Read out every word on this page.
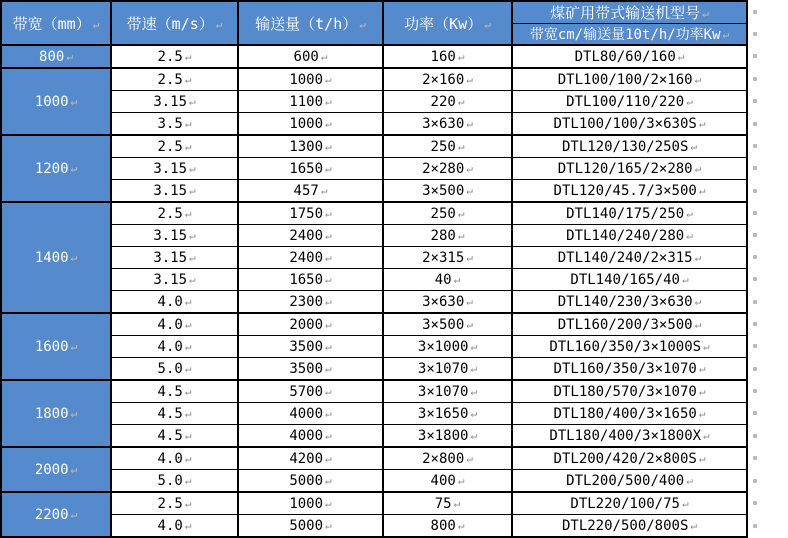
带宽（mm） ↵	带速（m/s） ↵	输送量（t/h） ↵	功率（Kw） ↵	煤矿用带式输送机型号 ↵
				带宽cm/输送量10t/h/功率Kw ↵
800 ↵	2.5 ↵	600 ↵	160 ↵	DTL80/60/160 ↵
1000 ↵	2.5 ↵	1000 ↵	2×160 ↵	DTL100/100/2×160 ↵
	3.15 ↵	1100 ↵	220 ↵	DTL100/110/220 ↵
	3.5 ↵	1000 ↵	3×630 ↵	DTL100/100/3×630S ↵
1200 ↵	2.5 ↵	1300 ↵	250 ↵	DTL120/130/250S ↵
	3.15 ↵	1650 ↵	2×280 ↵	DTL120/165/2×280 ↵
	3.15 ↵	457 ↵	3×500 ↵	DTL120/45.7/3×500 ↵
1400 ↵	2.5 ↵	1750 ↵	250 ↵	DTL140/175/250 ↵
	3.15 ↵	2400 ↵	280 ↵	DTL140/240/280 ↵
	3.15 ↵	2400 ↵	2×315 ↵	DTL140/240/2×315 ↵
	3.15 ↵	1650 ↵	40 ↵	DTL140/165/40 ↵
	4.0 ↵	2300 ↵	3×630 ↵	DTL140/230/3×630 ↵
1600 ↵	4.0 ↵	2000 ↵	3×500 ↵	DTL160/200/3×500 ↵
	4.0 ↵	3500 ↵	3×1000 ↵	DTL160/350/3×1000S ↵
	5.0 ↵	3500 ↵	3×1070 ↵	DTL160/350/3×1070 ↵
1800 ↵	4.5 ↵	5700 ↵	3×1070 ↵	DTL180/570/3×1070 ↵
	4.5 ↵	4000 ↵	3×1650 ↵	DTL180/400/3×1650 ↵
	4.5 ↵	4000 ↵	3×1800 ↵	DTL180/400/3×1800X ↵
2000 ↵	4.0 ↵	4200 ↵	2×800 ↵	DTL200/420/2×800S ↵
	5.0 ↵	5000 ↵	400 ↵	DTL200/500/400 ↵
2200 ↵	2.5 ↵	1000 ↵	75 ↵	DTL220/100/75 ↵
	4.0 ↵	5000 ↵	800 ↵	DTL220/500/800S ↵
